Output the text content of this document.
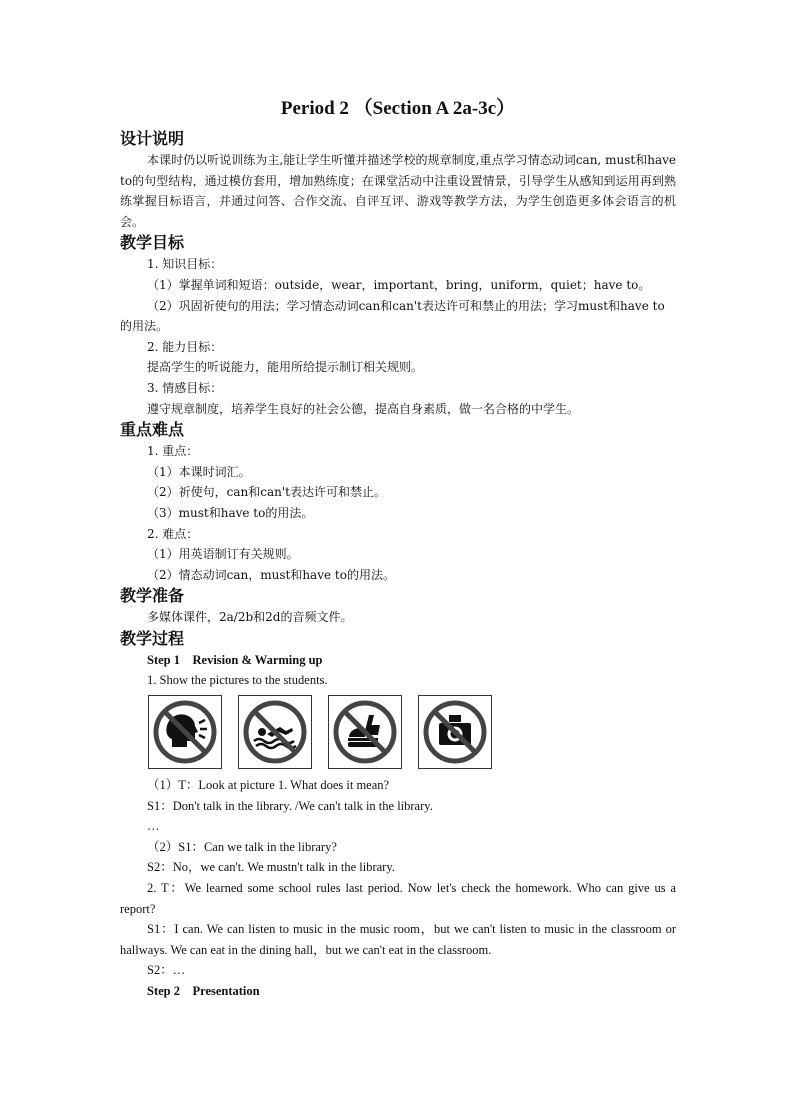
Period 2 （Section A 2a-3c）
设计说明

本课时仍以听说训练为主,能让学生听懂并描述学校的规章制度,重点学习情态动词can, must和have to的句型结构，通过模仿套用，增加熟练度；在课堂活动中注重设置情景，引导学生从感知到运用再到熟练掌握目标语言，并通过问答、合作交流、自评互评、游戏等教学方法，为学生创造更多体会语言的机会。

教学目标

1. 知识目标：

（1）掌握单词和短语：outside，wear，important，bring，uniform，quiet；have to。

（2）巩固祈使句的用法；学习情态动词can和can't表达许可和禁止的用法；学习must和have to的用法。

2. 能力目标：

提高学生的听说能力，能用所给提示制订相关规则。

3. 情感目标：

遵守规章制度，培养学生良好的社会公德，提高自身素质，做一名合格的中学生。

重点难点

1. 重点：

（1）本课时词汇。

（2）祈使句，can和can't表达许可和禁止。

（3）must和have to的用法。

2. 难点：

（1）用英语制订有关规则。

（2）情态动词can，must和have to的用法。

教学准备

多媒体课件，2a/2b和2d的音频文件。

教学过程

Step 1    Revision & Warming up

1. Show the pictures to the students.

（1）T：Look at picture 1. What does it mean?

S1：Don't talk in the library. /We can't talk in the library.

…

（2）S1：Can we talk in the library?

S2：No，we can't. We mustn't talk in the library.

2. T：We learned some school rules last period. Now let's check the homework. Who can give us a report?

S1：I can. We can listen to music in the music room，but we can't listen to music in the classroom or hallways. We can eat in the dining hall，but we can't eat in the classroom.

S2：…

Step 2    Presentation
